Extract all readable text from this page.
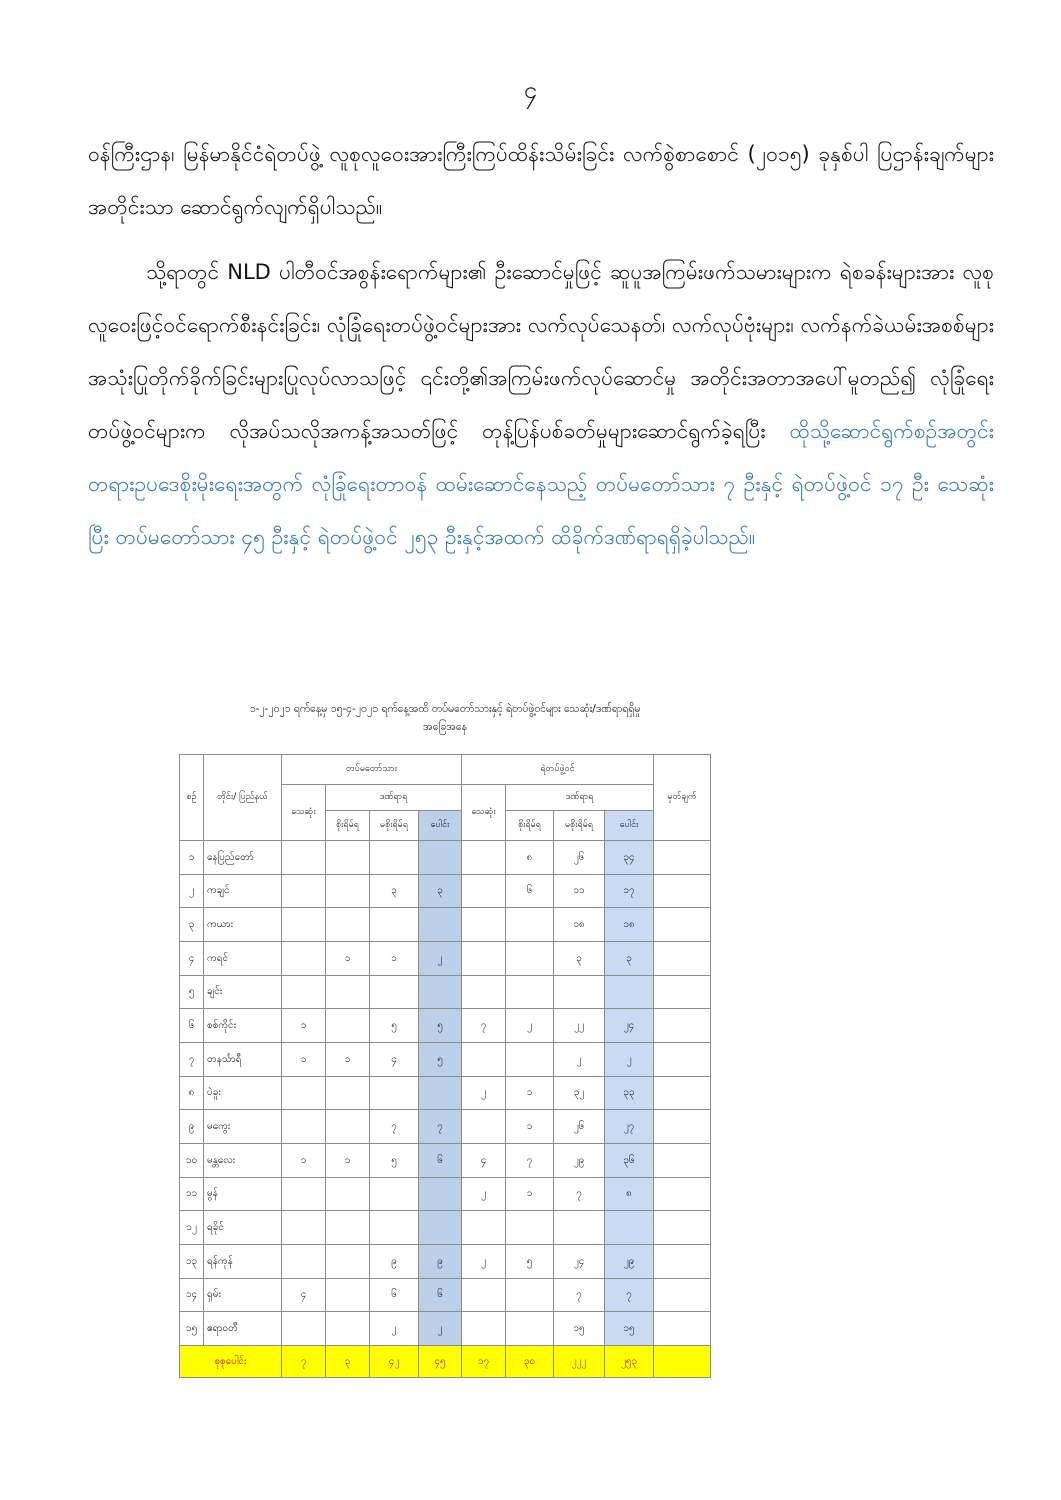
၄

ဝန်ကြီးဌာန၊ မြန်မာနိုင်ငံရဲတပ်ဖွဲ့ လူစုလူဝေးအားကြီးကြပ်ထိန်းသိမ်းခြင်း လက်စွဲစာစောင် (၂၀၁၅) ခုနှစ်ပါ ပြဌာန်းချက်များအတိုင်းသာ ဆောင်ရွက်လျက်ရှိပါသည်။

သို့ရာတွင် NLD ပါတီဝင်အစွန်းရောက်များ၏ ဦးဆောင်မှုဖြင့် ဆူပူအကြမ်းဖက်သမားများက ရဲစခန်းများအား လူစုလူဝေးဖြင့်ဝင်ရောက်စီးနင်းခြင်း၊ လုံခြုံရေးတပ်ဖွဲ့ဝင်များအား လက်လုပ်သေနတ်၊ လက်လုပ်ဗုံးများ၊ လက်နက်ခဲယမ်းအစစ်များ အသုံးပြုတိုက်ခိုက်ခြင်းများပြုလုပ်လာသဖြင့် ၎င်းတို့၏အကြမ်းဖက်လုပ်ဆောင်မှု အတိုင်းအတာအပေါ်မူတည်၍ လုံခြုံရေးတပ်ဖွဲ့ဝင်များက လိုအပ်သလိုအကန့်အသတ်ဖြင့် တုန့်ပြန်ပစ်ခတ်မှုများဆောင်ရွက်ခဲ့ရပြီး ထိုသို့ဆောင်ရွက်စဉ်အတွင်း တရားဥပဒေစိုးမိုးရေးအတွက် လုံခြုံရေးတာဝန် ထမ်းဆောင်နေသည့် တပ်မတော်သား ၇ ဦးနှင့် ရဲတပ်ဖွဲ့ဝင် ၁၇ ဦး သေဆုံးပြီး တပ်မတော်သား ၄၅ ဦးနှင့် ရဲတပ်ဖွဲ့ဝင် ၂၅၃ ဦးနှင့်အထက် ထိခိုက်ဒဏ်ရာရရှိခဲ့ပါသည်။

၁-၂-၂၀၂၁ ရက်နေ့မှ ၁၅-၄-၂၀၂၁ ရက်နေ့အထိ တပ်မတော်သားနှင့် ရဲတပ်ဖွဲ့ဝင်များ သေဆုံး/ဒဏ်ရာရရှိမှု
အခြေအနေ
စဉ်	တိုင်း/ ပြည်နယ်	တပ်မတော်သား				ရဲတပ်ဖွဲ့ဝင်				မှတ်ချက်
		သေဆုံး	ဒဏ်ရာရ			သေဆုံး	ဒဏ်ရာရ			
			စိုးရိမ်ရ	မစိုးရိမ်ရ	ပေါင်း		စိုးရိမ်ရ	မစိုးရိမ်ရ	ပေါင်း	
၁	နေပြည်တော်						၈	၂၆	၃၄	
၂	ကချင်			၃	၃		၆	၁၁	၁၇	
၃	ကယား							၁၈	၁၈	
၄	ကရင်		၁	၁	၂			၃	၃	
၅	ချင်း									
၆	စစ်ကိုင်း	၁		၅	၅	၇	၂	၂၂	၂၄	
၇	တနင်္သာရီ	၁	၁	၄	၅			၂	၂	
၈	ပဲခူး					၂	၁	၃၂	၃၃	
၉	မကွေး			၇	၇		၁	၂၆	၂၇	
၁၀	မန္တလေး	၁	၁	၅	၆	၄	၇	၂၉	၃၆	
၁၁	မွန်					၂	၁	၇	၈	
၁၂	ရခိုင်									
၁၃	ရန်ကုန်			၉	၉	၂	၅	၂၄	၂၉	
၁၄	ရှမ်း	၄		၆	၆			၇	၇	
၁၅	ဧရာဝတီ			၂	၂			၁၅	၁၅	
စုစုပေါင်း		၇	၃	၄၂	၄၅	၁၇	၃၀	၂၂၂	၂၅၃	
